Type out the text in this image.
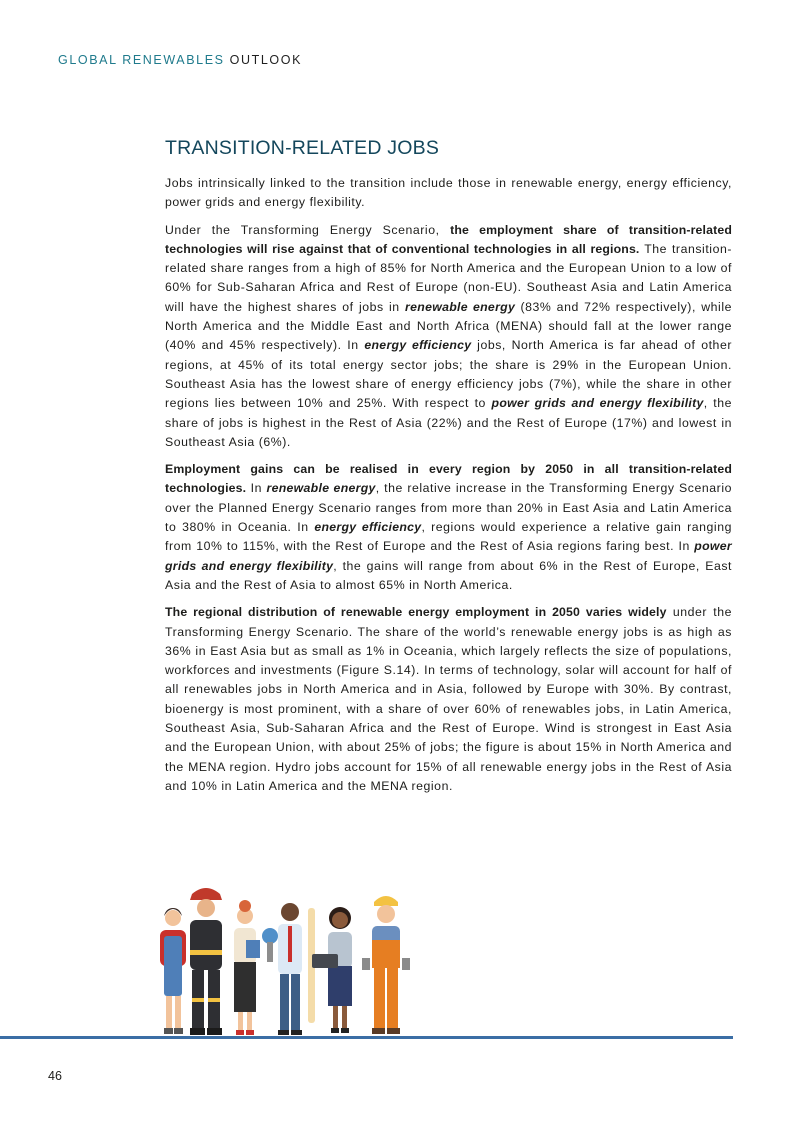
GLOBAL RENEWABLES OUTLOOK
TRANSITION-RELATED JOBS

Jobs intrinsically linked to the transition include those in renewable energy, energy efficiency, power grids and energy flexibility.

Under the Transforming Energy Scenario, the employment share of transition-related technologies will rise against that of conventional technologies in all regions. The transition-related share ranges from a high of 85% for North America and the European Union to a low of 60% for Sub-Saharan Africa and Rest of Europe (non-EU). Southeast Asia and Latin America will have the highest shares of jobs in renewable energy (83% and 72% respectively), while North America and the Middle East and North Africa (MENA) should fall at the lower range (40% and 45% respectively). In energy efficiency jobs, North America is far ahead of other regions, at 45% of its total energy sector jobs; the share is 29% in the European Union. Southeast Asia has the lowest share of energy efficiency jobs (7%), while the share in other regions lies between 10% and 25%. With respect to power grids and energy flexibility, the share of jobs is highest in the Rest of Asia (22%) and the Rest of Europe (17%) and lowest in Southeast Asia (6%).

Employment gains can be realised in every region by 2050 in all transition-related technologies. In renewable energy, the relative increase in the Transforming Energy Scenario over the Planned Energy Scenario ranges from more than 20% in East Asia and Latin America to 380% in Oceania. In energy efficiency, regions would experience a relative gain ranging from 10% to 115%, with the Rest of Europe and the Rest of Asia regions faring best. In power grids and energy flexibility, the gains will range from about 6% in the Rest of Europe, East Asia and the Rest of Asia to almost 65% in North America.

The regional distribution of renewable energy employment in 2050 varies widely under the Transforming Energy Scenario. The share of the world’s renewable energy jobs is as high as 36% in East Asia but as small as 1% in Oceania, which largely reflects the size of populations, workforces and investments (Figure S.14). In terms of technology, solar will account for half of all renewables jobs in North America and in Asia, followed by Europe with 30%. By contrast, bioenergy is most prominent, with a share of over 60% of renewables jobs, in Latin America, Southeast Asia, Sub-Saharan Africa and the Rest of Europe. Wind is strongest in East Asia and the European Union, with about 25% of jobs; the figure is about 15% in North America and the MENA region. Hydro jobs account for 15% of all renewable energy jobs in the Rest of Asia and 10% in Latin America and the MENA region.

46
